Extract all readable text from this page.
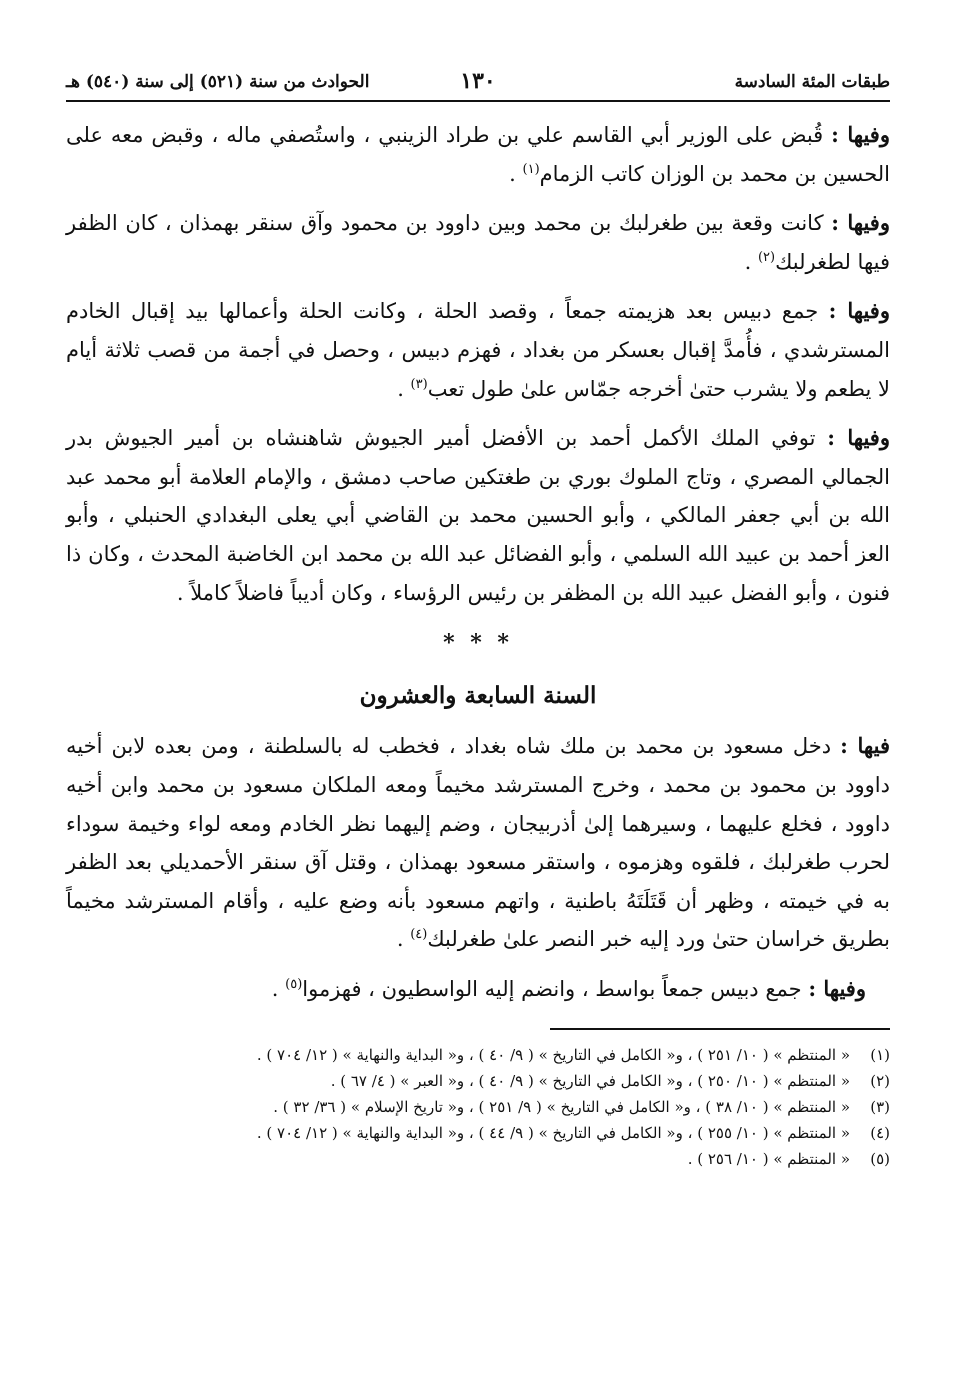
طبقات المئة السادسة
١٣٠
الحوادث من سنة (٥٢١) إلى سنة (٥٤٠) هـ

وفيها : قُبض على الوزير أبي القاسم علي بن طراد الزينبي ، واستُصفي ماله ، وقبض معه على الحسين بن محمد بن الوزان كاتب الزمام$^{(١)}$ .

وفيها : كانت وقعة بين طغرلبك بن محمد وبين داوود بن محمود وآق سنقر بهمذان ، كان الظفر فيها لطغرلبك$^{(٢)}$ .

وفيها : جمع دبيس بعد هزيمته جمعاً ، وقصد الحلة ، وكانت الحلة وأعمالها بيد إقبال الخادم المسترشدي ، فأُمدَّ إقبال بعسكر من بغداد ، فهزم دبيس ، وحصل في أجمة من قصب ثلاثة أيام لا يطعم ولا يشرب حتىٰ أخرجه جمّاس علىٰ طول تعب$^{(٣)}$ .

وفيها : توفي الملك الأكمل أحمد بن الأفضل أمير الجيوش شاهنشاه بن أمير الجيوش بدر الجمالي المصري ، وتاج الملوك بوري بن طغتكين صاحب دمشق ، والإمام العلامة أبو محمد عبد الله بن أبي جعفر المالكي ، وأبو الحسين محمد بن القاضي أبي يعلى البغدادي الحنبلي ، وأبو العز أحمد بن عبيد الله السلمي ، وأبو الفضائل عبد الله بن محمد ابن الخاضبة المحدث ، وكان ذا فنون ، وأبو الفضل عبيد الله بن المظفر بن رئيس الرؤساء ، وكان أديباً فاضلاً كاملاً .

* * *
السنة السابعة والعشرون

فيها : دخل مسعود بن محمد بن ملك شاه بغداد ، فخطب له بالسلطنة ، ومن بعده لابن أخيه داوود بن محمود بن محمد ، وخرج المسترشد مخيماً ومعه الملكان مسعود بن محمد وابن أخيه داوود ، فخلع عليهما ، وسيرهما إلىٰ أذربيجان ، وضم إليهما نظر الخادم ومعه لواء وخيمة سوداء لحرب طغرلبك ، فلقوه وهزموه ، واستقر مسعود بهمذان ، وقتل آق سنقر الأحمديلي بعد الظفر به في خيمته ، وظهر أن قَتَلَتَهُ باطنية ، واتهم مسعود بأنه وضع عليه ، وأقام المسترشد مخيماً بطريق خراسان حتىٰ ورد إليه خبر النصر علىٰ طغرلبك$^{(٤)}$ .

وفيها : جمع دبيس جمعاً بواسط ، وانضم إليه الواسطيون ، فهزموا$^{(٥)}$ .

(١)
« المنتظم » ( ١٠/ ٢٥١ ) ، و« الكامل في التاريخ » ( ٩/ ٤٠ ) ، و« البداية والنهاية » ( ١٢/ ٧٠٤ ) .
(٢)
« المنتظم » ( ١٠/ ٢٥٠ ) ، و« الكامل في التاريخ » ( ٩/ ٤٠ ) ، و« العبر » ( ٤/ ٦٧ ) .
(٣)
« المنتظم » ( ١٠/ ٣٨ ) ، و« الكامل في التاريخ » ( ٩/ ٢٥١ ) ، و« تاريخ الإسلام » ( ٣٦/ ٣٢ ) .
(٤)
« المنتظم » ( ١٠/ ٢٥٥ ) ، و« الكامل في التاريخ » ( ٩/ ٤٤ ) ، و« البداية والنهاية » ( ١٢/ ٧٠٤ ) .
(٥)
« المنتظم » ( ١٠/ ٢٥٦ ) .
